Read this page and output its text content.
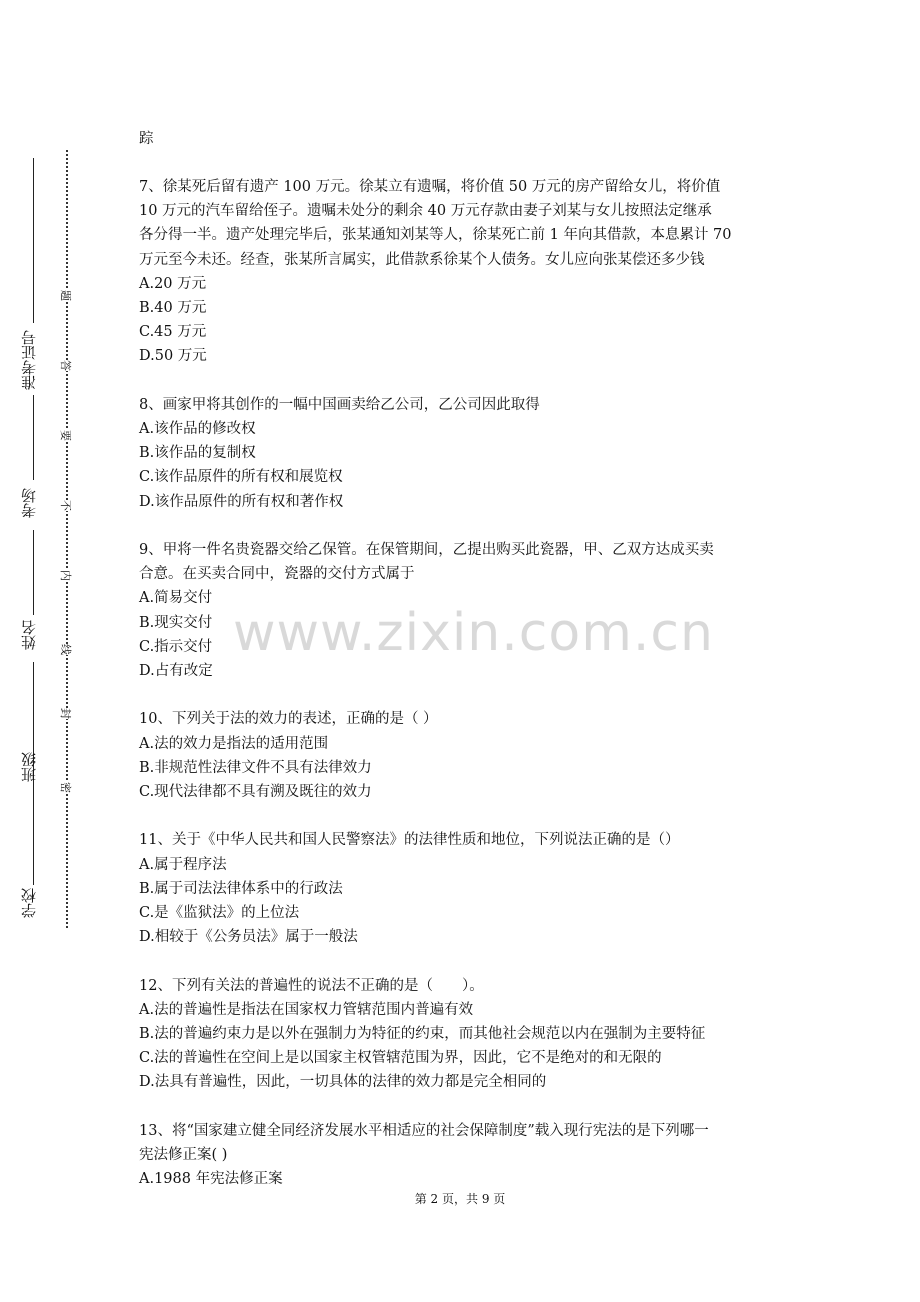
学校
班级
姓名
考场
准考证号
密
封
线
内
不
要
答
题
www.zixin.com.cn

踪

7、徐某死后留有遗产 100 万元。徐某立有遗嘱，将价值 50 万元的房产留给女儿，将价值

10 万元的汽车留给侄子。遗嘱未处分的剩余 40 万元存款由妻子刘某与女儿按照法定继承

各分得一半。遗产处理完毕后，张某通知刘某等人，徐某死亡前 1 年向其借款，本息累计 70

万元至今未还。经查，张某所言属实，此借款系徐某个人债务。女儿应向张某偿还多少钱

A.20 万元

B.40 万元

C.45 万元

D.50 万元

8、画家甲将其创作的一幅中国画卖给乙公司，乙公司因此取得

A.该作品的修改权

B.该作品的复制权

C.该作品原件的所有权和展览权

D.该作品原件的所有权和著作权

9、甲将一件名贵瓷器交给乙保管。在保管期间，乙提出购买此瓷器，甲、乙双方达成买卖

合意。在买卖合同中，瓷器的交付方式属于

A.简易交付

B.现实交付

C.指示交付

D.占有改定

10、下列关于法的效力的表述，正确的是（ ）

A.法的效力是指法的适用范围

B.非规范性法律文件不具有法律效力

C.现代法律都不具有溯及既往的效力

11、关于《中华人民共和国人民警察法》的法律性质和地位，下列说法正确的是（）

A.属于程序法

B.属于司法法律体系中的行政法

C.是《监狱法》的上位法

D.相较于《公务员法》属于一般法

12、下列有关法的普遍性的说法不正确的是（　　）。

A.法的普遍性是指法在国家权力管辖范围内普遍有效

B.法的普遍约束力是以外在强制力为特征的约束，而其他社会规范以内在强制为主要特征

C.法的普遍性在空间上是以国家主权管辖范围为界，因此，它不是绝对的和无限的

D.法具有普遍性，因此，一切具体的法律的效力都是完全相同的

13、将“国家建立健全同经济发展水平相适应的社会保障制度”载入现行宪法的是下列哪一

宪法修正案( )

A.1988 年宪法修正案

第 2 页，共 9 页
